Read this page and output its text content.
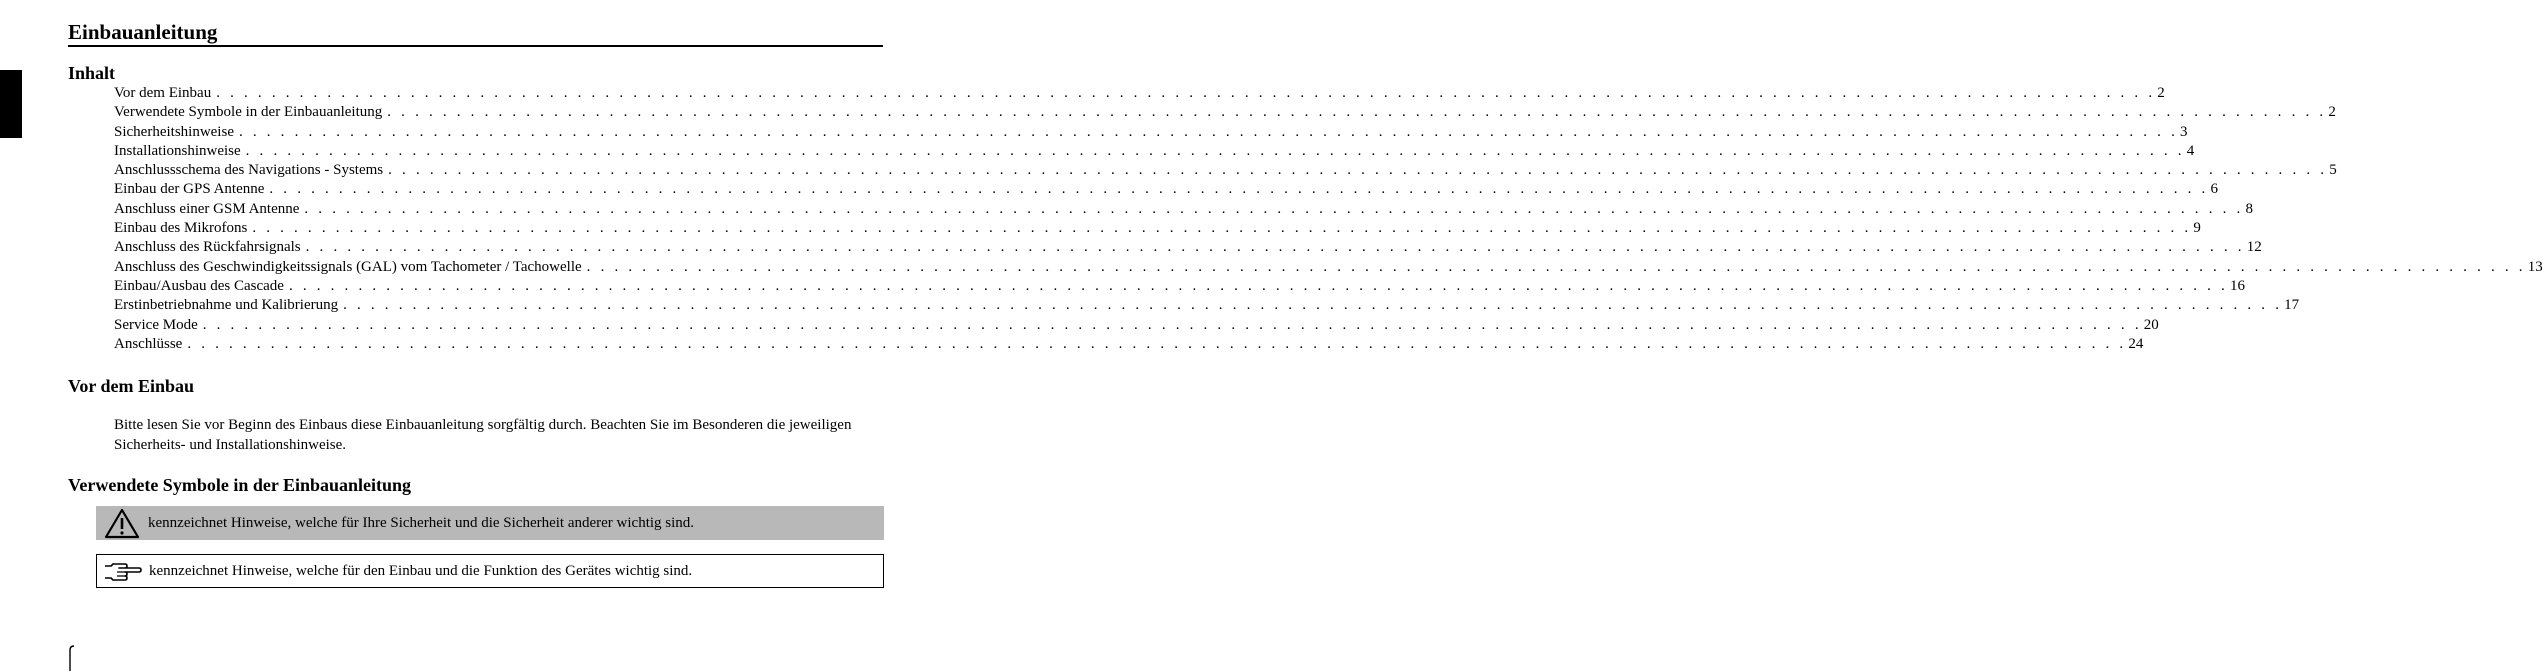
Einbauanleitung
Inhalt
Vor dem Einbau . . . . . . . . . . . . . . . . . . . . . . . . . . . . . . . . . . . . . . . . . . . . . . . . . . . . . . . . . . . . . . . . . . . . . . . . . . . . . . . . . . . . . . . . . . . . . . . . . . . . . . . . . . . . . . . . . . . . . . . . . . . . . . . . . . . . . . . . . . . . 2
Verwendete Symbole in der Einbauanleitung . . . . . . . . . . . . . . . . . . . . . . . . . . . . . . . . . . . . . . . . . . . . . . . . . . . . . . . . . . . . . . . . . . . . . . . . . . . . . . . . . . . . . . . . . . . . . . . . . . . . . . . . . . . . . . . . . . . . . . . . . . . . . . . . . . . . . . . . . . . . 2
Sicherheitshinweise . . . . . . . . . . . . . . . . . . . . . . . . . . . . . . . . . . . . . . . . . . . . . . . . . . . . . . . . . . . . . . . . . . . . . . . . . . . . . . . . . . . . . . . . . . . . . . . . . . . . . . . . . . . . . . . . . . . . . . . . . . . . . . . . . . . . . . . . . . . . 3
Installationshinweise . . . . . . . . . . . . . . . . . . . . . . . . . . . . . . . . . . . . . . . . . . . . . . . . . . . . . . . . . . . . . . . . . . . . . . . . . . . . . . . . . . . . . . . . . . . . . . . . . . . . . . . . . . . . . . . . . . . . . . . . . . . . . . . . . . . . . . . . . . . . 4
Anschlussschema des Navigations - Systems . . . . . . . . . . . . . . . . . . . . . . . . . . . . . . . . . . . . . . . . . . . . . . . . . . . . . . . . . . . . . . . . . . . . . . . . . . . . . . . . . . . . . . . . . . . . . . . . . . . . . . . . . . . . . . . . . . . . . . . . . . . . . . . . . . . . . . . . . . . . 5
Einbau der GPS Antenne . . . . . . . . . . . . . . . . . . . . . . . . . . . . . . . . . . . . . . . . . . . . . . . . . . . . . . . . . . . . . . . . . . . . . . . . . . . . . . . . . . . . . . . . . . . . . . . . . . . . . . . . . . . . . . . . . . . . . . . . . . . . . . . . . . . . . . . . . . . . 6
Anschluss einer GSM Antenne . . . . . . . . . . . . . . . . . . . . . . . . . . . . . . . . . . . . . . . . . . . . . . . . . . . . . . . . . . . . . . . . . . . . . . . . . . . . . . . . . . . . . . . . . . . . . . . . . . . . . . . . . . . . . . . . . . . . . . . . . . . . . . . . . . . . . . . . . . . . 8
Einbau des Mikrofons . . . . . . . . . . . . . . . . . . . . . . . . . . . . . . . . . . . . . . . . . . . . . . . . . . . . . . . . . . . . . . . . . . . . . . . . . . . . . . . . . . . . . . . . . . . . . . . . . . . . . . . . . . . . . . . . . . . . . . . . . . . . . . . . . . . . . . . . . . . . 9
Anschluss des Rückfahrsignals . . . . . . . . . . . . . . . . . . . . . . . . . . . . . . . . . . . . . . . . . . . . . . . . . . . . . . . . . . . . . . . . . . . . . . . . . . . . . . . . . . . . . . . . . . . . . . . . . . . . . . . . . . . . . . . . . . . . . . . . . . . . . . . . . . . . . . . . . . . . 12
Anschluss des Geschwindigkeitssignals (GAL) vom Tachometer / Tachowelle . . . . . . . . . . . . . . . . . . . . . . . . . . . . . . . . . . . . . . . . . . . . . . . . . . . . . . . . . . . . . . . . . . . . . . . . . . . . . . . . . . . . . . . . . . . . . . . . . . . . . . . . . . . . . . . . . . . . . . . . . . . . . . . . . . . . . . . . . . . . 13
Einbau/Ausbau des Cascade . . . . . . . . . . . . . . . . . . . . . . . . . . . . . . . . . . . . . . . . . . . . . . . . . . . . . . . . . . . . . . . . . . . . . . . . . . . . . . . . . . . . . . . . . . . . . . . . . . . . . . . . . . . . . . . . . . . . . . . . . . . . . . . . . . . . . . . . . . . . 16
Erstinbetriebnahme und Kalibrierung . . . . . . . . . . . . . . . . . . . . . . . . . . . . . . . . . . . . . . . . . . . . . . . . . . . . . . . . . . . . . . . . . . . . . . . . . . . . . . . . . . . . . . . . . . . . . . . . . . . . . . . . . . . . . . . . . . . . . . . . . . . . . . . . . . . . . . . . . . . . 17
Service Mode . . . . . . . . . . . . . . . . . . . . . . . . . . . . . . . . . . . . . . . . . . . . . . . . . . . . . . . . . . . . . . . . . . . . . . . . . . . . . . . . . . . . . . . . . . . . . . . . . . . . . . . . . . . . . . . . . . . . . . . . . . . . . . . . . . . . . . . . . . . . 20
Anschlüsse . . . . . . . . . . . . . . . . . . . . . . . . . . . . . . . . . . . . . . . . . . . . . . . . . . . . . . . . . . . . . . . . . . . . . . . . . . . . . . . . . . . . . . . . . . . . . . . . . . . . . . . . . . . . . . . . . . . . . . . . . . . . . . . . . . . . . . . . . . . . 24
Vor dem Einbau

Bitte lesen Sie vor Beginn des Einbaus diese Einbauanleitung sorgfältig durch. Beachten Sie im Besonderen die jeweiligen Sicherheits- und Installationshinweise.

Verwendete Symbole in der Einbauanleitung
kennzeichnet Hinweise, welche für Ihre Sicherheit und die Sicherheit anderer wichtig sind.
kennzeichnet Hinweise, welche für den Einbau und die Funktion des Gerätes wichtig sind.
